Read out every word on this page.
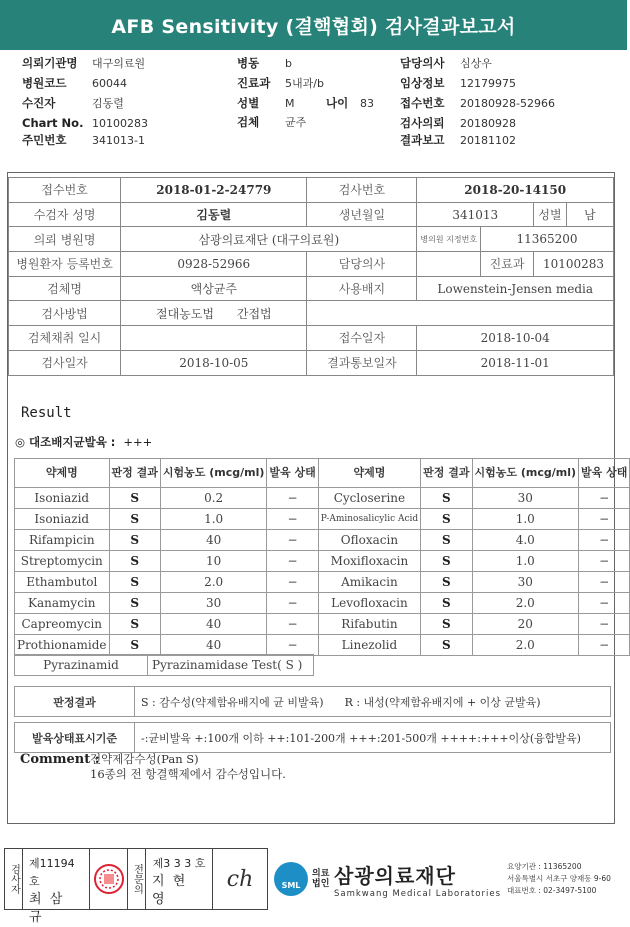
AFB Sensitivity (결핵협회) 검사결과보고서
의뢰기관명 대구의료원
병원코드 60044
수진자	김동렬
Chart No. 10100283
주민번호 341013-1
병동 b
진료과 5내과/b
성별 M	나이 83
검체 균주
담당의사 심상우
임상정보 12179975
접수번호 20180928-52966
검사의뢰 20180928
결과보고 20181102
접수번호	2018-01-2-24779	검사번호	2018-20-14150			
수검자 성명	김동렬	생년월일	341013		성별	남
의뢰 병원명	삼광의료재단 (대구의료원)		병의원 지정번호	11365200		
병원환자 등록번호	0928-52966	담당의사		진료과	10100283	
검체명	액상균주	사용배지	Lowenstein-Jensen media			
검사방법	절대농도법 간접법					
검체채취 일시		접수일자	2018-10-04			
검사일자	2018-10-05	결과통보일자	2018-11-01			
Result
◎ 대조배지균발육 : +++
약제명	판정 결과	시험농도 (mcg/ml)	발육 상태	약제명	판정 결과	시험농도 (mcg/ml)	발육 상태
Isoniazid	S	0.2	−	Cycloserine	S	30	−
Isoniazid	S	1.0	−	P-Aminosalicylic Acid	S	1.0	−
Rifampicin	S	40	−	Ofloxacin	S	4.0	−
Streptomycin	S	10	−	Moxifloxacin	S	1.0	−
Ethambutol	S	2.0	−	Amikacin	S	30	−
Kanamycin	S	30	−	Levofloxacin	S	2.0	−
Capreomycin	S	40	−	Rifabutin	S	20	−
Prothionamide	S	40	−	Linezolid	S	2.0	−
Pyrazinamid	Pyrazinamidase Test( S )
판정결과	S : 감수성(약제함유배지에 균 비발육) R : 내성(약제함유배지에 + 이상 균발육)

발육상태표시기준	-:균비발육 +:100개 이하 ++:101-200개 +++:201-500개 ++++:+++이상(융합발육)
Comment :
전약제감수성(Pan S)
16종의 전 항결핵제에서 감수성입니다.
검사자
제11194호
최 삼 규
전문의
제3 3 3 호
지 현 영
ch	SML
의료 법인 삼광의료재단
Samkwang Medical Laboratories
요양기관 : 11365200
서울특별시 서초구 양재동 9-60
대표번호 : 02-3497-5100
